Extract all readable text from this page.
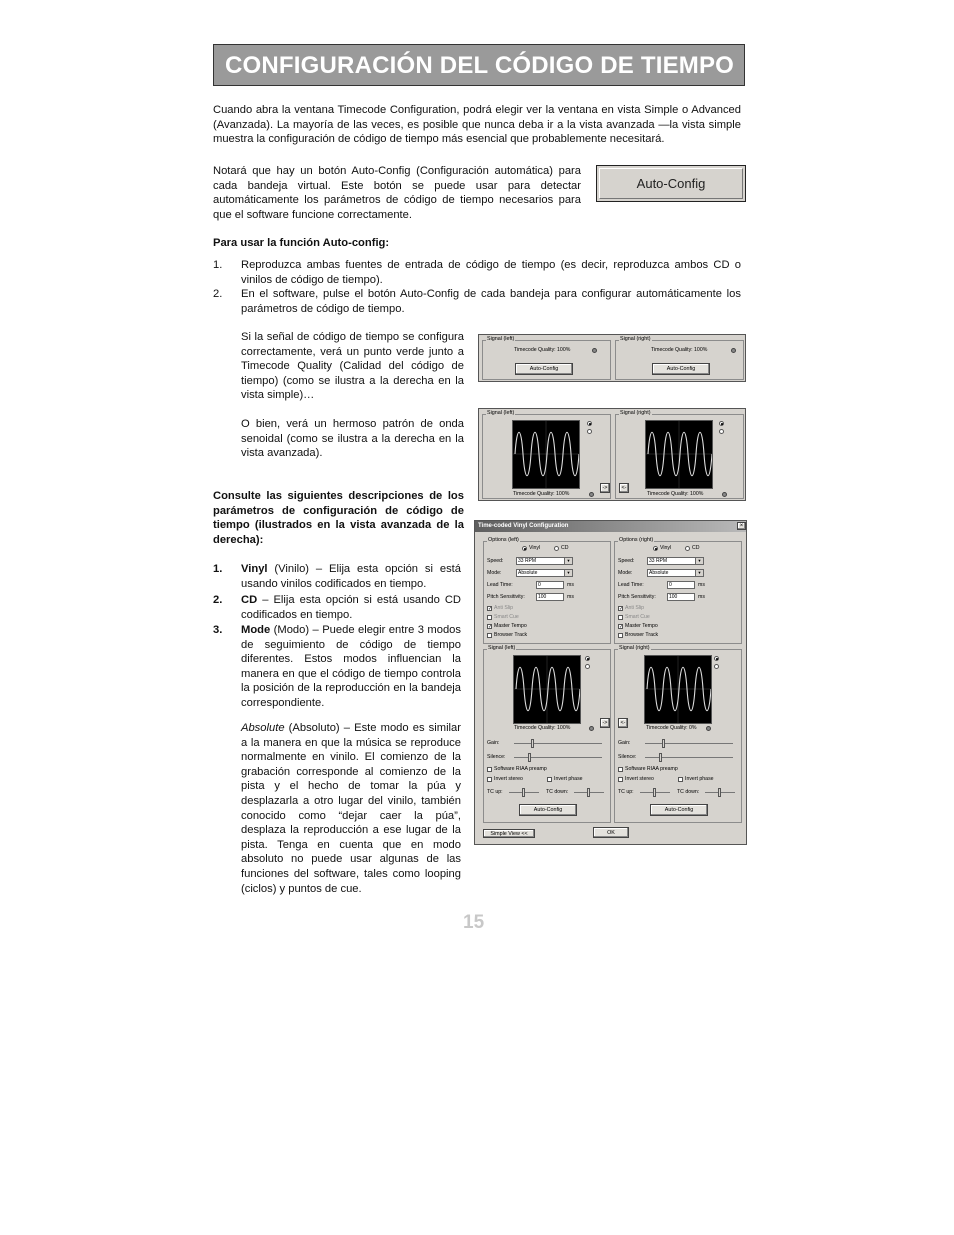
CONFIGURACIÓN DEL CÓDIGO DE TIEMPO
Cuando abra la ventana Timecode Configuration, podrá elegir ver la ventana en vista Simple o Advanced (Avanzada). La mayoría de las veces, es posible que nunca deba ir a la vista avanzada —la vista simple muestra la configuración de código de tiempo más esencial que probablemente necesitará.
Notará que hay un botón Auto-Config (Configuración automática) para cada bandeja virtual. Este botón se puede usar para detectar automáticamente los parámetros de código de tiempo necesarios para que el software funcione correctamente.
Auto-Config
Para usar la función Auto-config:
1. Reproduzca ambas fuentes de entrada de código de tiempo (es decir, reproduzca ambos CD o vinilos de código de tiempo).
2. En el software, pulse el botón Auto-Config de cada bandeja para configurar automáticamente los parámetros de código de tiempo.
Si la señal de código de tiempo se configura correctamente, verá un punto verde junto a Timecode Quality (Calidad del código de tiempo) (como se ilustra a la derecha en la vista simple)…
O bien, verá un hermoso patrón de onda senoidal (como se ilustra a la derecha en la vista avanzada).
Consulte las siguientes descripciones de los parámetros de configuración de código de tiempo (ilustrados en la vista avanzada de la derecha):
1. Vinyl (Vinilo) – Elija esta opción si está usando vinilos codificados en tiempo.
2. CD – Elija esta opción si está usando CD codificados en tiempo.
3. Mode (Modo) – Puede elegir entre 3 modos de seguimiento de código de tiempo diferentes. Estos modos influencian la manera en que el código de tiempo controla la posición de la reproducción en la bandeja correspondiente.
Absolute (Absoluto) – Este modo es similar a la manera en que la música se reproduce normalmente en vinilo. El comienzo de la grabación corresponde al comienzo de la pista y el hecho de tomar la púa y desplazarla a otro lugar del vinilo, también conocido como “dejar caer la púa”, desplaza la reproducción a ese lugar de la pista. Tenga en cuenta que en modo absoluto no puede usar algunas de las funciones del software, tales como looping (ciclos) y puntos de cue.
15
Signal (left)
Timecode Quality: 100%
Auto-Config
Signal (right)
Timecode Quality: 100%
Auto-Config
Signal (left)
Timecode Quality: 100%
->
Signal (right)
Timecode Quality: 100%
<-
Time-coded Vinyl Configuration	×
Options (left)
Vinyl	CD
Speed:	33 RPM	▼
Mode:	Absolute	▼
Lead Time:	0	ms
Pitch Sensitivity:	100	ms
✓ Anti Slip
Smart Cue
✓ Master Tempo
Browser Track
Options (right)
Vinyl	CD
Speed:	33 RPM	▼
Mode:	Absolute	▼
Lead Time:	0	ms
Pitch Sensitivity:	100	ms
✓ Anti Slip
Smart Cue
✓ Master Tempo
Browser Track
Signal (left)
Timecode Quality: 100%
->
Gain:
Silence:
Software RIAA preamp
Invert stereo	Invert phase
TC up:	TC down:
Auto-Config
Signal (right)
Timecode Quality: 0%
<-
Gain:
Silence:
Software RIAA preamp
Invert stereo	Invert phase
TC up:	TC down:
Auto-Config
Simple View <<	OK
